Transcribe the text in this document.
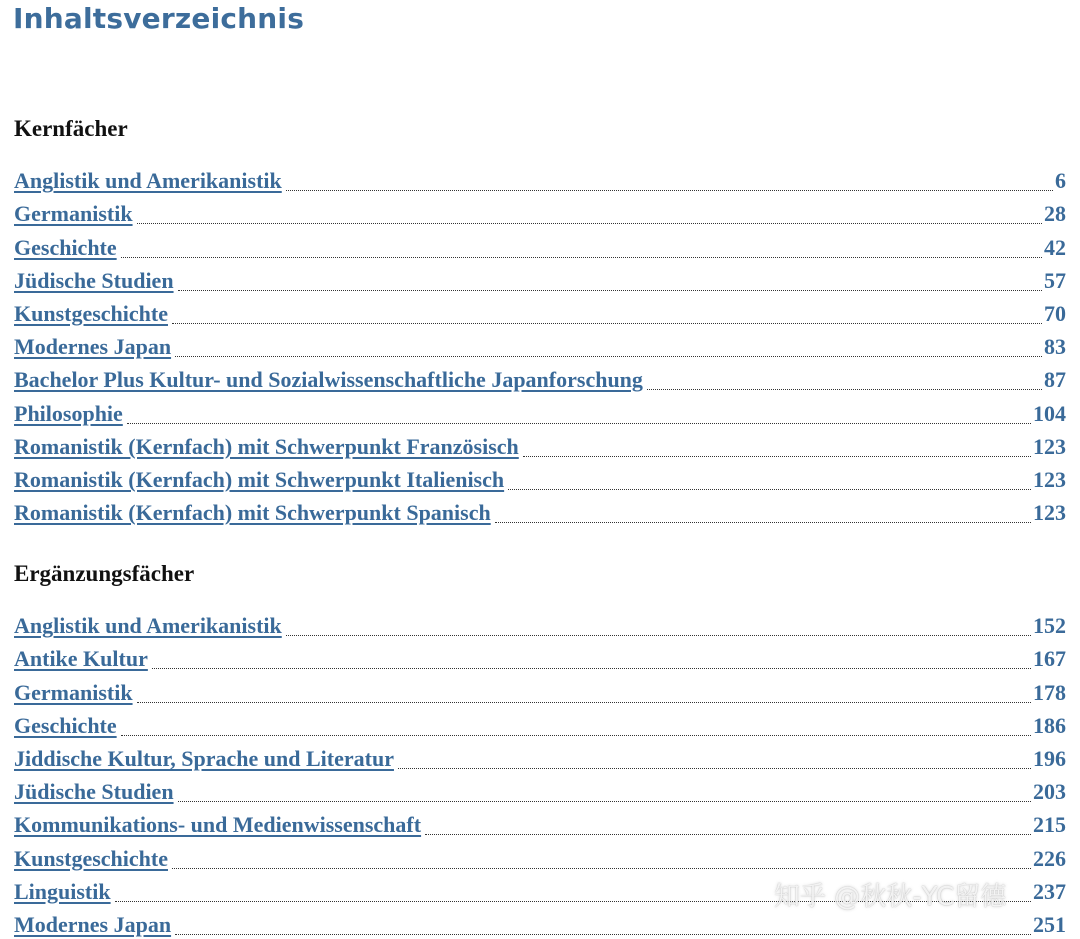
Inhaltsverzeichnis
Kernfächer
Anglistik und Amerikanistik	6
Germanistik	28
Geschichte	42
Jüdische Studien	57
Kunstgeschichte	70
Modernes Japan	83
Bachelor Plus Kultur- und Sozialwissenschaftliche Japanforschung	87
Philosophie	104
Romanistik (Kernfach) mit Schwerpunkt Französisch	123
Romanistik (Kernfach) mit Schwerpunkt Italienisch	123
Romanistik (Kernfach) mit Schwerpunkt Spanisch	123
Ergänzungsfächer
Anglistik und Amerikanistik	152
Antike Kultur	167
Germanistik	178
Geschichte	186
Jiddische Kultur, Sprache und Literatur	196
Jüdische Studien	203
Kommunikations- und Medienwissenschaft	215
Kunstgeschichte	226
Linguistik	237
Modernes Japan	251
知乎 @秋秋-YC留德
